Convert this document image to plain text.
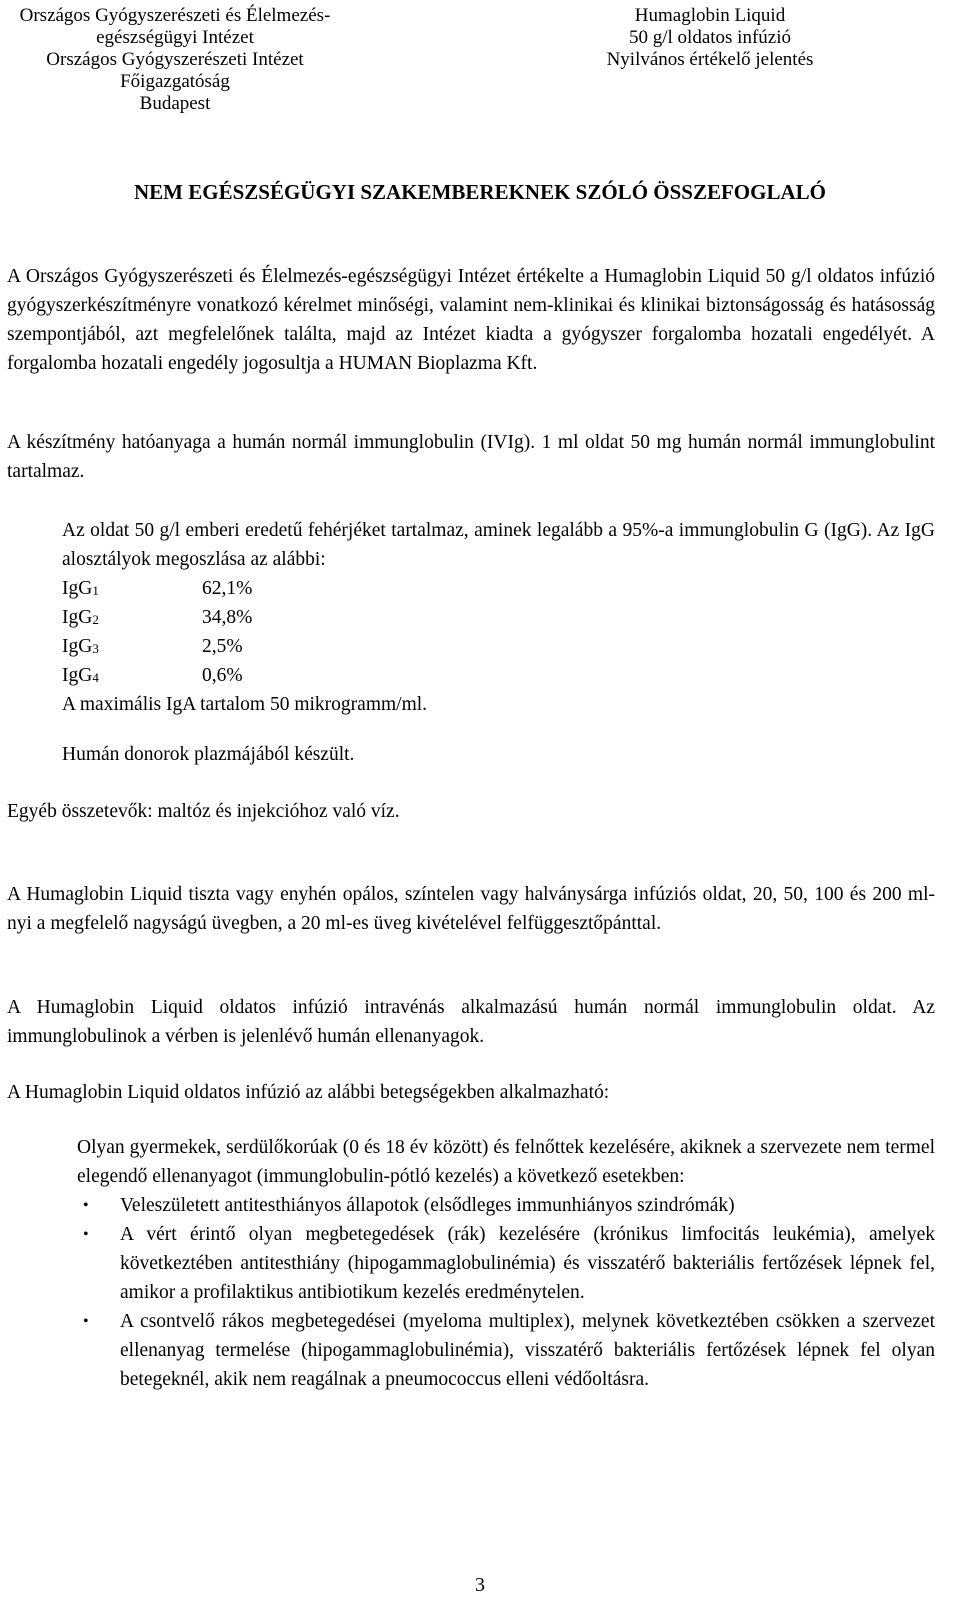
Országos Gyógyszerészeti és Élelmezés-
egészségügyi Intézet
Országos Gyógyszerészeti Intézet
Főigazgatóság
Budapest
Humaglobin Liquid
50 g/l oldatos infúzió
Nyilvános értékelő jelentés
NEM EGÉSZSÉGÜGYI SZAKEMBEREKNEK SZÓLÓ ÖSSZEFOGLALÓ

A Országos Gyógyszerészeti és Élelmezés-egészségügyi Intézet értékelte a Humaglobin Liquid 50 g/l oldatos infúzió gyógyszerkészítményre vonatkozó kérelmet minőségi, valamint nem-klinikai és klinikai biztonságosság és hatásosság szempontjából, azt megfelelőnek találta, majd az Intézet kiadta a gyógyszer forgalomba hozatali engedélyét. A forgalomba hozatali engedély jogosultja a HUMAN Bioplazma Kft.

A készítmény hatóanyaga a humán normál immunglobulin (IVIg). 1 ml oldat 50 mg humán normál immunglobulint tartalmaz.

Az oldat 50 g/l emberi eredetű fehérjéket tartalmaz, aminek legalább a 95%-a immunglobulin G (IgG). Az IgG alosztályok megoszlása az alábbi:

IgG$_1$	62,1%
IgG$_2$	34,8%
IgG$_3$	2,5%
IgG$_4$	0,6%

A maximális IgA tartalom 50 mikrogramm/ml.

Humán donorok plazmájából készült.

Egyéb összetevők: maltóz és injekcióhoz való víz.

A Humaglobin Liquid tiszta vagy enyhén opálos, színtelen vagy halványsárga infúziós oldat, 20, 50, 100 és 200 ml-nyi a megfelelő nagyságú üvegben, a 20 ml-es üveg kivételével felfüggesztőpánttal.

A Humaglobin Liquid oldatos infúzió intravénás alkalmazású humán normál immunglobulin oldat. Az immunglobulinok a vérben is jelenlévő humán ellenanyagok.

A Humaglobin Liquid oldatos infúzió az alábbi betegségekben alkalmazható:

Olyan gyermekek, serdülőkorúak (0 és 18 év között) és felnőttek kezelésére, akiknek a szervezete nem termel elegendő ellenanyagot (immunglobulin-pótló kezelés) a következő esetekben:

• Veleszületett antitesthiányos állapotok (elsődleges immunhiányos szindrómák)
• A vért érintő olyan megbetegedések (rák) kezelésére (krónikus limfocitás leukémia), amelyek következtében antitesthiány (hipogammaglobulinémia) és visszatérő bakteriális fertőzések lépnek fel, amikor a profilaktikus antibiotikum kezelés eredménytelen.
• A csontvelő rákos megbetegedései (myeloma multiplex), melynek következtében csökken a szervezet ellenanyag termelése (hipogammaglobulinémia), visszatérő bakteriális fertőzések lépnek fel olyan betegeknél, akik nem reagálnak a pneumococcus elleni védőoltásra.
3
